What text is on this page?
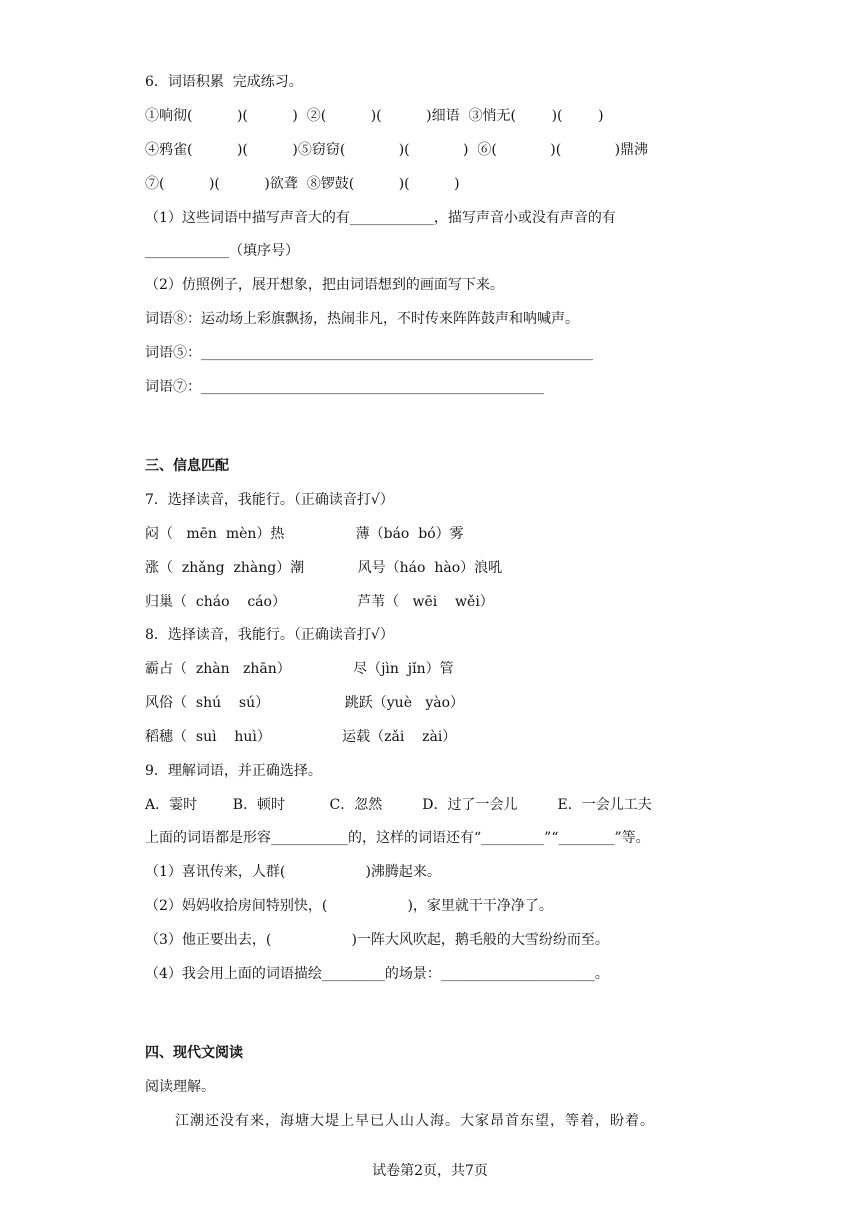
6．词语积累  完成练习。
①响彻(          )(          )  ②(          )(          )细语  ③悄无(        )(        )
④鸦雀(          )(          )⑤窃窃(            )(            )  ⑥(            )(            )鼎沸
⑦(          )(          )欲聋  ⑧锣鼓(          )(          )
（1）这些词语中描写声音大的有____________，描写声音小或没有声音的有
____________（填序号）
（2）仿照例子，展开想象，把由词语想到的画面写下来。
词语⑧：运动场上彩旗飘扬，热闹非凡，不时传来阵阵鼓声和呐喊声。
词语⑤：________________________________________________________
词语⑦：_________________________________________________
三、信息匹配
7．选择读音，我能行。（正确读音打√）
闷（   mēn  mèn）热                薄（báo  bó）雾
涨（  zhǎng  zhàng）潮            风号（háo  hào）浪吼
归巢（  cháo    cáo）                芦苇（   wēi    wěi）
8．选择读音，我能行。（正确读音打√）
霸占（  zhàn   zhān）              尽（jìn  jǐn）管
风俗（  shú    sú）                 跳跃（yuè   yào）
稻穗（  suì    huì）                运载（zǎi    zài）
9．理解词语，并正确选择。
A．霎时        B．顿时          C．忽然         D．过了一会儿         E．一会儿工夫
上面的词语都是形容___________的，这样的词语还有“_________”“________”等。
（1）喜讯传来，人群(                  )沸腾起来。
（2）妈妈收拾房间特别快，(                  )，家里就干干净净了。
（3）他正要出去，(                  )一阵大风吹起，鹅毛般的大雪纷纷而至。
（4）我会用上面的词语描绘_________的场景：______________________。
四、现代文阅读
阅读理解。
江潮还没有来，海塘大堤上早已人山人海。大家昂首东望，等着，盼着。
试卷第2页，共7页
